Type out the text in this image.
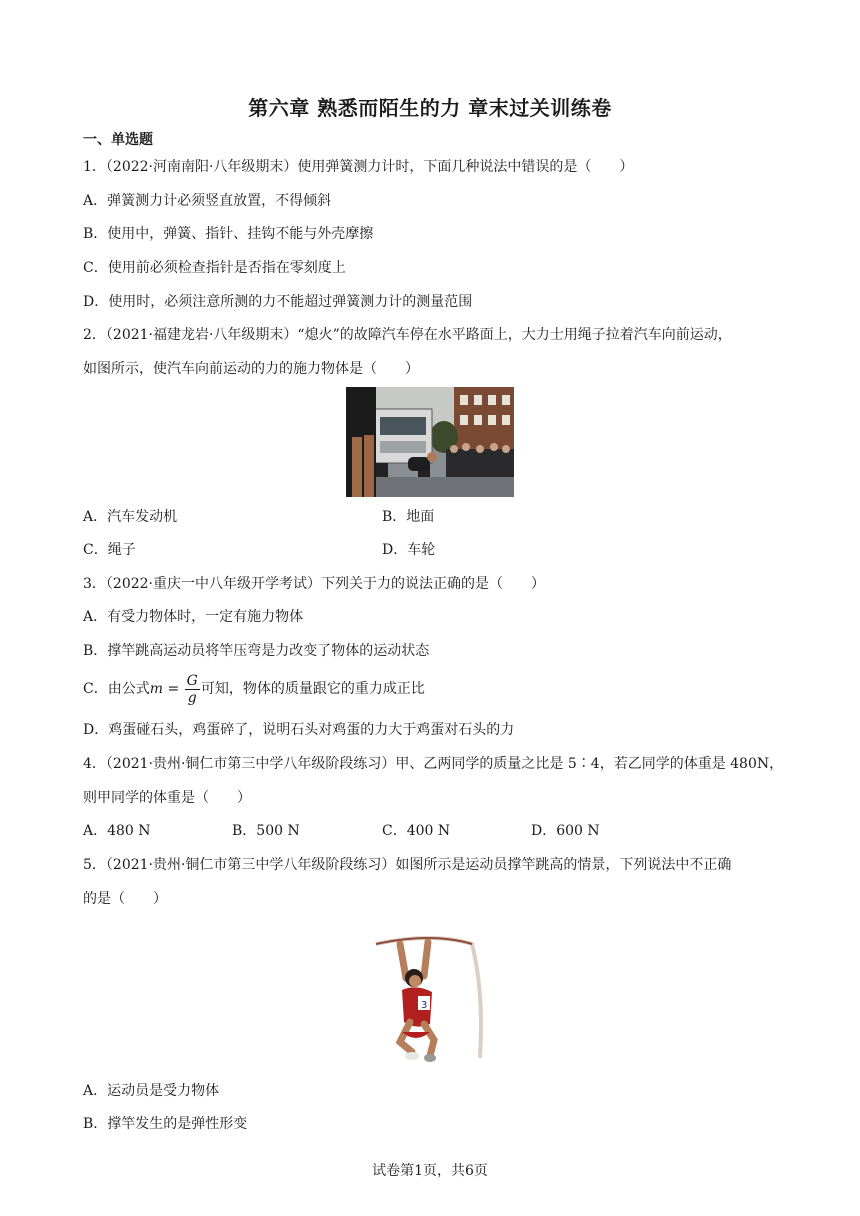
第六章 熟悉而陌生的力 章末过关训练卷
一、单选题
1．（2022·河南南阳·八年级期末）使用弹簧测力计时，下面几种说法中错误的是（　　）
A．弹簧测力计必须竖直放置，不得倾斜
B．使用中，弹簧、指针、挂钩不能与外壳摩擦
C．使用前必须检查指针是否指在零刻度上
D．使用时，必须注意所测的力不能超过弹簧测力计的测量范围
2．（2021·福建龙岩·八年级期末）“熄火”的故障汽车停在水平路面上，大力士用绳子拉着汽车向前运动，
如图所示，使汽车向前运动的力的施力物体是（　　）
A．汽车发动机	B．地面
C．绳子	D．车轮
3．（2022·重庆一中八年级开学考试）下列关于力的说法正确的是（　　）
A．有受力物体时，一定有施力物体
B．撑竿跳高运动员将竿压弯是力改变了物体的运动状态
C．由公式$m = \frac{G}{g}$ 可知，物体的质量跟它的重力成正比
D．鸡蛋碰石头，鸡蛋碎了，说明石头对鸡蛋的力大于鸡蛋对石头的力
4．（2021·贵州·铜仁市第三中学八年级阶段练习）甲、乙两同学的质量之比是 5∶4，若乙同学的体重是 480N，
则甲同学的体重是（　　）
A．480 N	B．500 N	C．400 N	D．600 N
5．（2021·贵州·铜仁市第三中学八年级阶段练习）如图所示是运动员撑竿跳高的情景，下列说法中不正确
的是（　　）
3
A．运动员是受力物体
B．撑竿发生的是弹性形变
试卷第1页，共6页
